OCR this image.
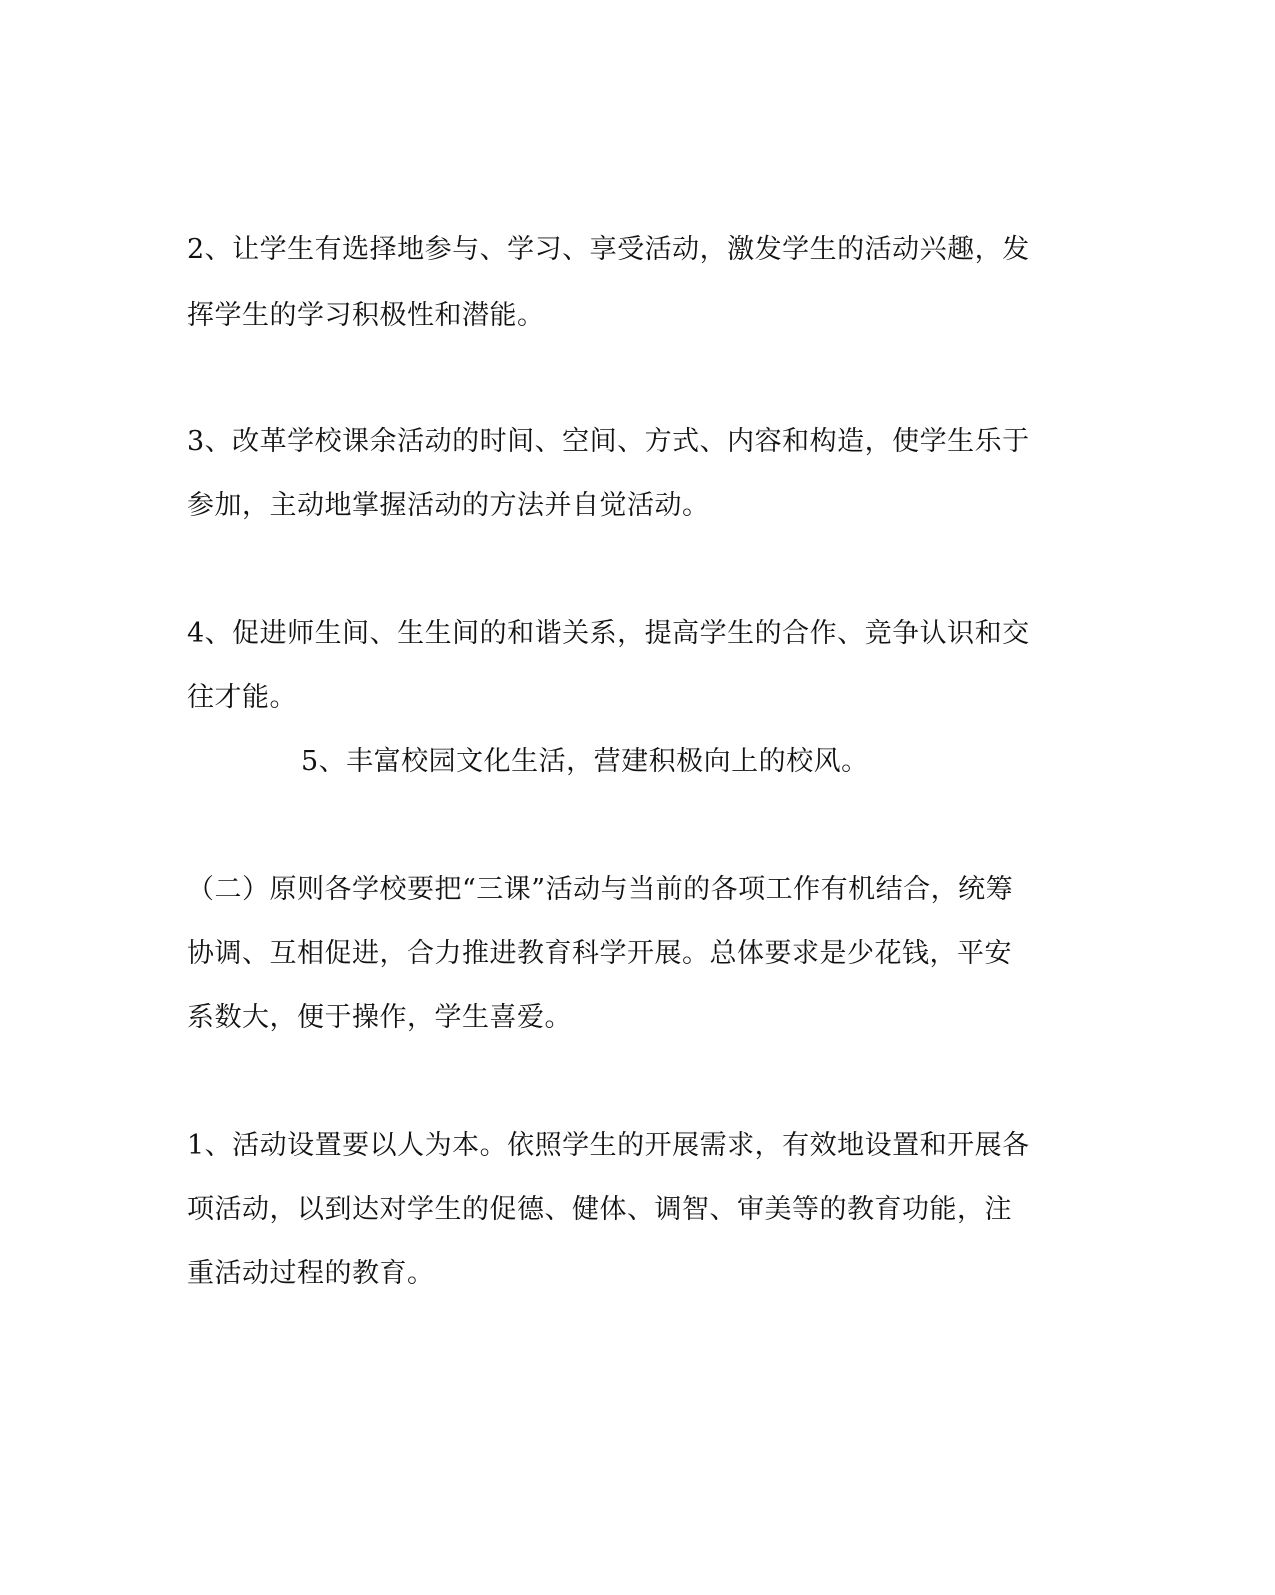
2、让学生有选择地参与、学习、享受活动，激发学生的活动兴趣，发
挥学生的学习积极性和潜能。
3、改革学校课余活动的时间、空间、方式、内容和构造，使学生乐于
参加，主动地掌握活动的方法并自觉活动。
4、促进师生间、生生间的和谐关系，提高学生的合作、竞争认识和交
往才能。
5、丰富校园文化生活，营建积极向上的校风。
（二）原则各学校要把“三课”活动与当前的各项工作有机结合，统筹
协调、互相促进，合力推进教育科学开展。总体要求是少花钱，平安
系数大，便于操作，学生喜爱。
1、活动设置要以人为本。依照学生的开展需求，有效地设置和开展各
项活动，以到达对学生的促德、健体、调智、审美等的教育功能，注
重活动过程的教育。
